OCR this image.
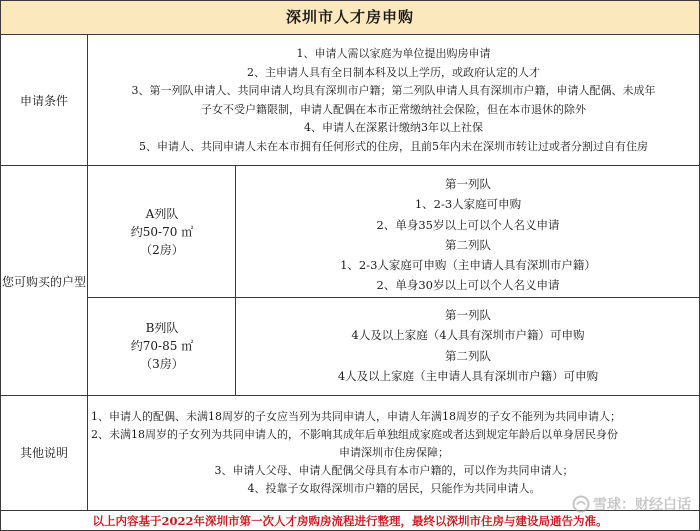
深圳市人才房申购
申请条件
1、申请人需以家庭为单位提出购房申请
2、主申请人具有全日制本科及以上学历，或政府认定的人才
3、第一列队申请人、共同申请人均具有深圳市户籍；第二列队申请人具有深圳市户籍，申请人配偶、未成年
子女不受户籍限制，申请人配偶在本市正常缴纳社会保险，但在本市退休的除外
4、申请人在深累计缴纳3年以上社保
5、申请人、共同申请人未在本市拥有任何形式的住房，且前5年内未在深圳市转让过或者分割过自有住房
您可购买的户型
A列队
约50-70 ㎡
（2房）
第一列队
1、2-3人家庭可申购
2、单身35岁以上可以个人名义申请
第二列队
1、2-3人家庭可申购（主申请人具有深圳市户籍）
2、单身30岁以上可以个人名义申请
B列队
约70-85 ㎡
（3房）
第一列队
4人及以上家庭（4人具有深圳市户籍）可申购
第二列队
4人及以上家庭（主申请人具有深圳市户籍）可申购
其他说明
1、申请人的配偶、未满18周岁的子女应当列为共同申请人，申请人年满18周岁的子女不能列为共同申请人；
2、未满18周岁的子女列为共同申请人的，不影响其成年后单独组成家庭或者达到规定年龄后以单身居民身份
申请深圳市住房保障；
3、申请人父母、申请人配偶父母具有本市户籍的，可以作为共同申请人；
4、投靠子女取得深圳市户籍的居民，只能作为共同申请人。
以上内容基于2022年深圳市第一次人才房购房流程进行整理，最终以深圳市住房与建设局通告为准。
雪球：财经白话
